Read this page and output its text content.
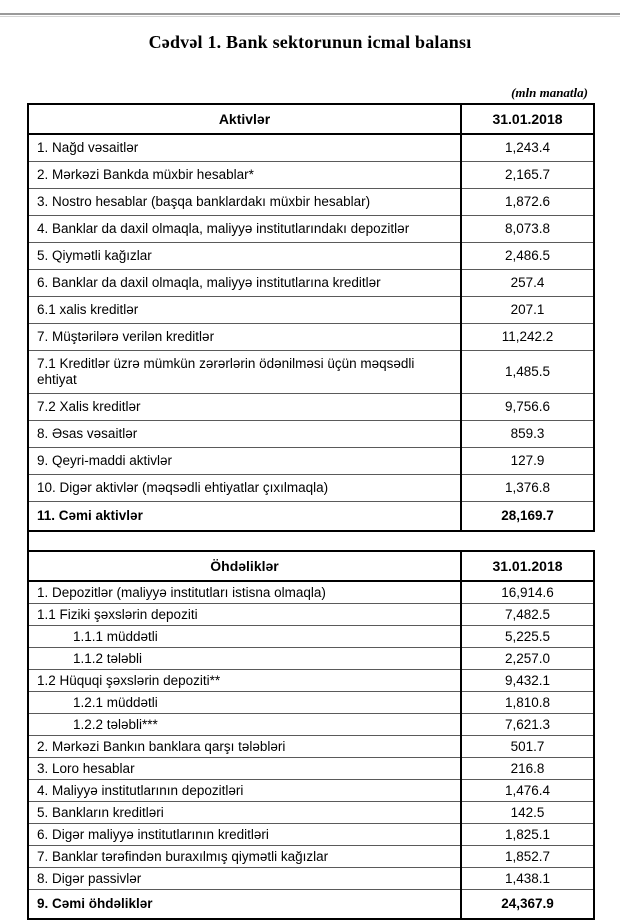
Cədvəl 1. Bank sektorunun icmal balansı
(mln manatla)
Aktivlər	31.01.2018
1. Nağd vəsaitlər	1,243.4
2. Mərkəzi Bankda müxbir hesablar*	2,165.7
3. Nostro hesablar (başqa banklardakı müxbir hesablar)	1,872.6
4. Banklar da daxil olmaqla, maliyyə institutlarındakı depozitlər	8,073.8
5. Qiymətli kağızlar	2,486.5
6. Banklar da daxil olmaqla, maliyyə institutlarına kreditlər	257.4
6.1 xalis kreditlər	207.1
7. Müştərilərə verilən kreditlər	11,242.2
7.1 Kreditlər üzrə mümkün zərərlərin ödənilməsi üçün məqsədli ehtiyat	1,485.5
7.2 Xalis kreditlər	9,756.6
8. Əsas vəsaitlər	859.3
9. Qeyri-maddi aktivlər	127.9
10. Digər aktivlər (məqsədli ehtiyatlar çıxılmaqla)	1,376.8
11. Cəmi aktivlər	28,169.7
Öhdəliklər	31.01.2018
1. Depozitlər (maliyyə institutları istisna olmaqla)	16,914.6
1.1 Fiziki şəxslərin depoziti	7,482.5
1.1.1 müddətli	5,225.5
1.1.2 tələbli	2,257.0
1.2 Hüquqi şəxslərin depoziti**	9,432.1
1.2.1 müddətli	1,810.8
1.2.2 tələbli***	7,621.3
2. Mərkəzi Bankın banklara qarşı tələbləri	501.7
3. Loro hesablar	216.8
4. Maliyyə institutlarının depozitləri	1,476.4
5. Bankların kreditləri	142.5
6. Digər maliyyə institutlarının kreditləri	1,825.1
7. Banklar tərəfindən buraxılmış qiymətli kağızlar	1,852.7
8. Digər passivlər	1,438.1
9. Cəmi öhdəliklər	24,367.9
